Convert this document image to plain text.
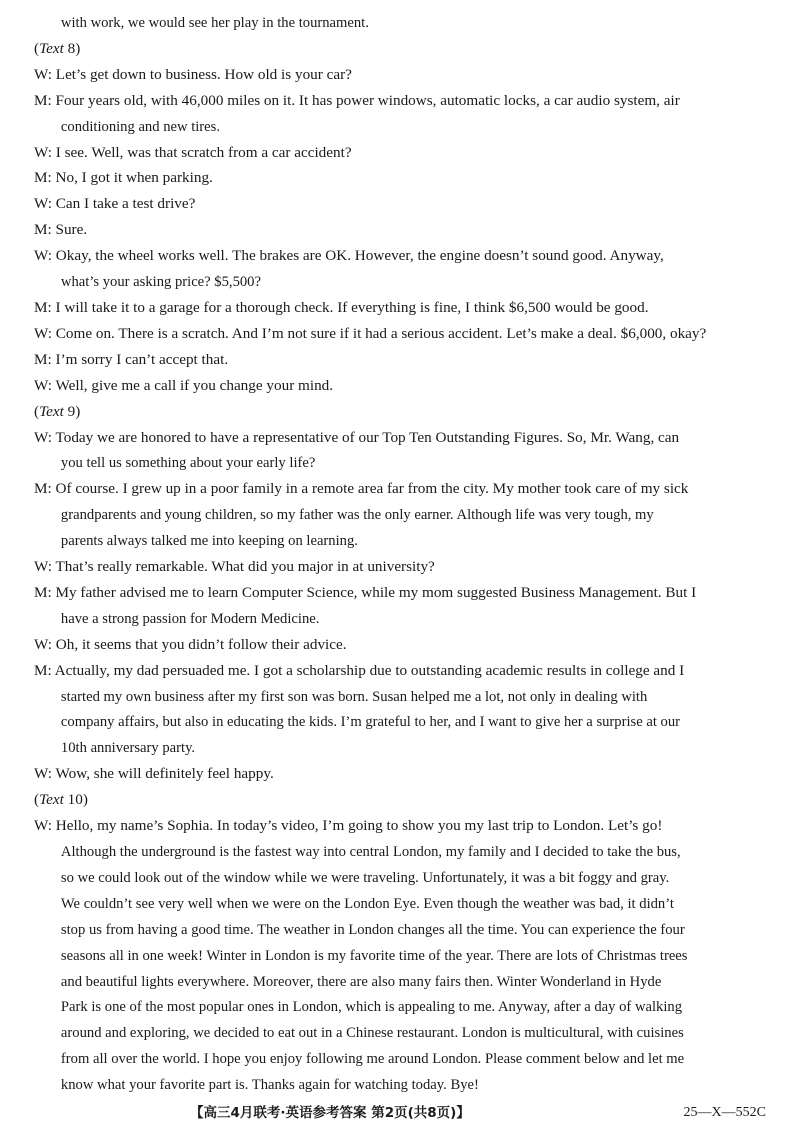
with work, we would see her play in the tournament.
(Text 8)
W: Let’s get down to business. How old is your car?
M: Four years old, with 46,000 miles on it. It has power windows, automatic locks, a car audio system, air
conditioning and new tires.
W: I see. Well, was that scratch from a car accident?
M: No, I got it when parking.
W: Can I take a test drive?
M: Sure.
W: Okay, the wheel works well. The brakes are OK. However, the engine doesn’t sound good. Anyway,
what’s your asking price? $5,500?
M: I will take it to a garage for a thorough check. If everything is fine, I think $6,500 would be good.
W: Come on. There is a scratch. And I’m not sure if it had a serious accident. Let’s make a deal. $6,000, okay?
M: I’m sorry I can’t accept that.
W: Well, give me a call if you change your mind.
(Text 9)
W: Today we are honored to have a representative of our Top Ten Outstanding Figures. So, Mr. Wang, can
you tell us something about your early life?
M: Of course. I grew up in a poor family in a remote area far from the city. My mother took care of my sick
grandparents and young children, so my father was the only earner. Although life was very tough, my
parents always talked me into keeping on learning.
W: That’s really remarkable. What did you major in at university?
M: My father advised me to learn Computer Science, while my mom suggested Business Management. But I
have a strong passion for Modern Medicine.
W: Oh, it seems that you didn’t follow their advice.
M: Actually, my dad persuaded me. I got a scholarship due to outstanding academic results in college and I
started my own business after my first son was born. Susan helped me a lot, not only in dealing with
company affairs, but also in educating the kids. I’m grateful to her, and I want to give her a surprise at our
10th anniversary party.
W: Wow, she will definitely feel happy.
(Text 10)
W: Hello, my name’s Sophia. In today’s video, I’m going to show you my last trip to London. Let’s go!
Although the underground is the fastest way into central London, my family and I decided to take the bus,
so we could look out of the window while we were traveling. Unfortunately, it was a bit foggy and gray.
We couldn’t see very well when we were on the London Eye. Even though the weather was bad, it didn’t
stop us from having a good time. The weather in London changes all the time. You can experience the four
seasons all in one week! Winter in London is my favorite time of the year. There are lots of Christmas trees
and beautiful lights everywhere. Moreover, there are also many fairs then. Winter Wonderland in Hyde
Park is one of the most popular ones in London, which is appealing to me. Anyway, after a day of walking
around and exploring, we decided to eat out in a Chinese restaurant. London is multicultural, with cuisines
from all over the world. I hope you enjoy following me around London. Please comment below and let me
know what your favorite part is. Thanks again for watching today. Bye!
【高三4月联考·英语参考答案 第2页(共8页)】	25—X—552C
